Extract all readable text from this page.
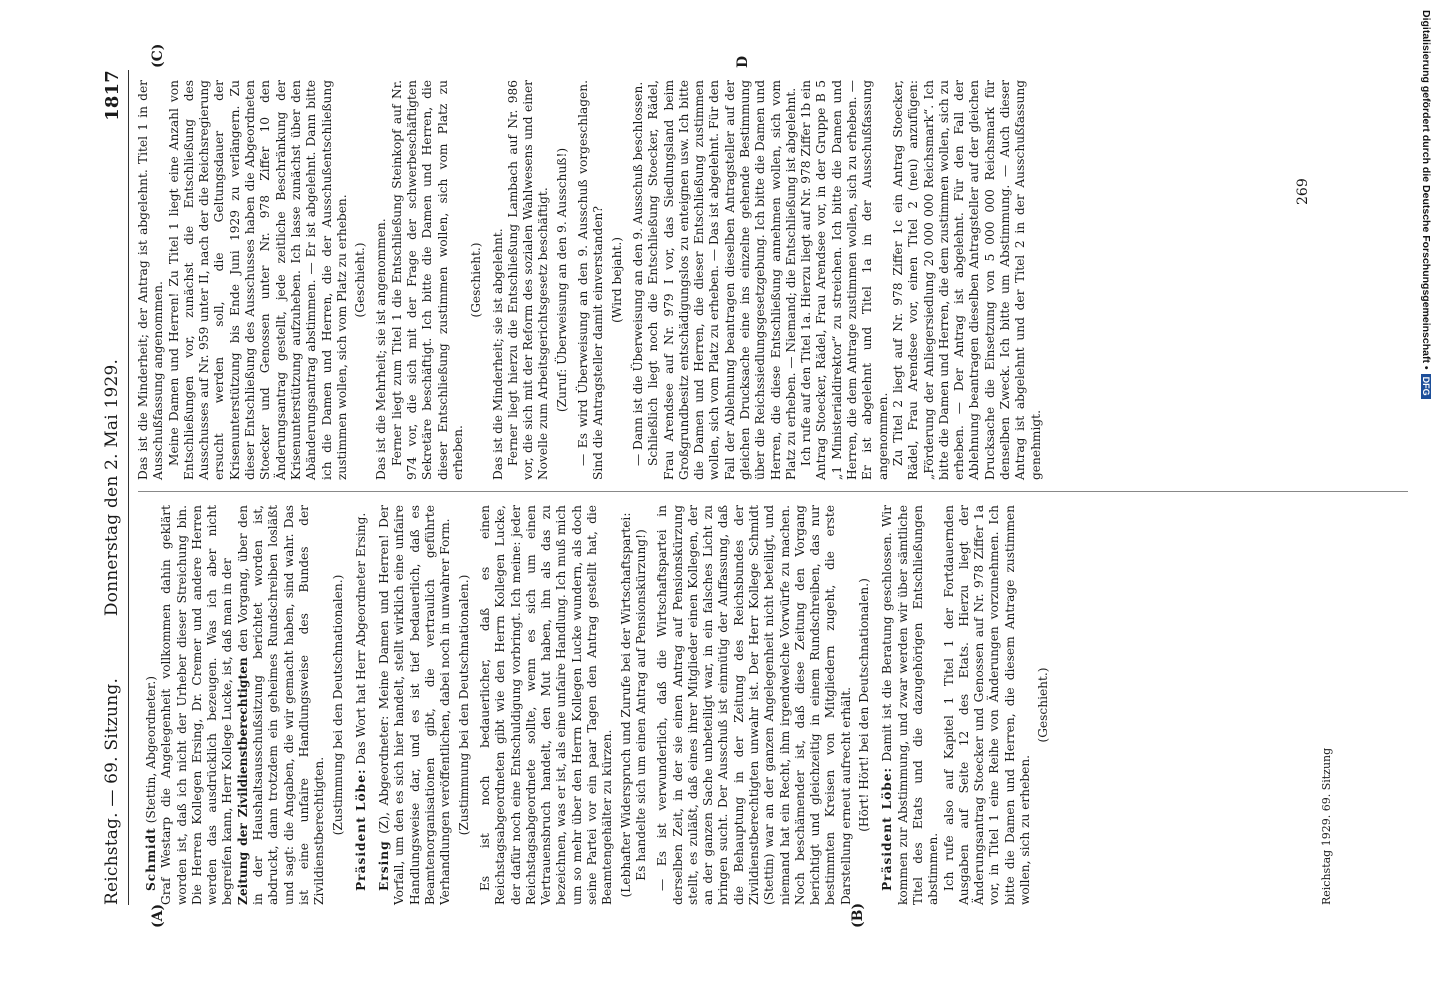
Reichstag. — 69. Sitzung.
Donnerstag den 2. Mai 1929.
1817
(A)	(B)
(C)	D

Schmidt (Stettin, Abgeordneter.) Graf Westarp die Angelegenheit vollkommen dahin geklärt worden ist, daß ich nicht der Urheber dieser Streichung bin. Die Herren Kollegen Ersing, Dr. Cremer und andere Herren werden das ausdrücklich bezeugen. Was ich aber nicht begreifen kann, Herr Kollege Lucke, ist, daß man in der Zeitung der Zivildienstberechtigten den Vorgang, über den in der Haushaltsausschußsitzung berichtet worden ist, abdruckt, dann trotzdem ein geheimes Rundschreiben losläßt und sagt: die Angaben, die wir gemacht haben, sind wahr. Das ist eine unfaire Handlungsweise des Bundes der Zivildienstberechtigten. (Zustimmung bei den Deutschnationalen.) Präsident Löbe: Das Wort hat Herr Abgeordneter Ersing.

Ersing (Z), Abgeordneter: Meine Damen und Herren! Der Vorfall, um den es sich hier handelt, stellt wirklich eine unfaire Handlungsweise dar, und es ist tief bedauerlich, daß es Beamtenorganisationen gibt, die vertraulich geführte Verhandlungen veröffentlichen, dabei noch in unwahrer Form. (Zustimmung bei den Deutschnationalen.) Es ist noch bedauerlicher, daß es einen Reichstagsabgeordneten gibt wie den Herrn Kollegen Lucke, der dafür noch eine Entschuldigung vorbringt. Ich meine: jeder Reichstagsabgeordnete sollte, wenn es sich um einen Vertrauensbruch handelt, den Mut haben, ihn als das zu bezeichnen, was er ist, als eine unfaire Handlung. Ich muß mich um so mehr über den Herrn Kollegen Lucke wundern, als doch seine Partei vor ein paar Tagen den Antrag gestellt hat, die Beamtengehälter zu kürzen. (Lebhafter Widerspruch und Zurufe bei der Wirtschaftspartei: Es handelte sich um einen Antrag auf Pensionskürzung!) — Es ist verwunderlich, daß die Wirtschaftspartei in derselben Zeit, in der sie einen Antrag auf Pensionskürzung stellt, es zuläßt, daß eines ihrer Mitglieder einen Kollegen, der an der ganzen Sache unbeteiligt war, in ein falsches Licht zu bringen sucht. Der Ausschuß ist einmütig der Auffassung, daß die Behauptung in der Zeitung des Reichsbundes der Zivildienstberechtigten unwahr ist. Der Herr Kollege Schmidt (Stettin) war an der ganzen Angelegenheit nicht beteiligt, und niemand hat ein Recht, ihm irgendwelche Vorwürfe zu machen. Noch beschämender ist, daß diese Zeitung den Vorgang berichtigt und gleichzeitig in einem Rundschreiben, das nur bestimmten Kreisen von Mitgliedern zugeht, die erste Darstellung erneut aufrecht erhält. (Hört! Hört! bei den Deutschnationalen.) Präsident Löbe: Damit ist die Beratung geschlossen. Wir kommen zur Abstimmung, und zwar werden wir über sämtliche Titel des Etats und die dazugehörigen Entschließungen abstimmen. Ich rufe also auf Kapitel 1 Titel 1 der Fortdauernden Ausgaben auf Seite 12 des Etats. Hierzu liegt der Änderungsantrag Stoecker und Genossen auf Nr. 978 Ziffer 1a vor, in Titel 1 eine Reihe von Änderungen vorzunehmen. Ich bitte die Damen und Herren, die diesem Antrage zustimmen wollen, sich zu erheben.

(Geschieht.)

Das ist die Minderheit; der Antrag ist abgelehnt. Titel 1 in der Ausschußfassung angenommen. Meine Damen und Herren! Zu Titel 1 liegt eine Anzahl von Entschließungen vor, zunächst die Entschließung des Ausschusses auf Nr. 959 unter II, nach der die Reichsregierung ersucht werden soll, die Geltungsdauer der Krisenunterstützung bis Ende Juni 1929 zu verlängern. Zu dieser Entschließung des Ausschusses haben die Abgeordneten Stoecker und Genossen unter Nr. 978 Ziffer 10 den Änderungsantrag gestellt, jede zeitliche Beschränkung der Krisenunterstützung aufzuheben. Ich lasse zunächst über den Abänderungsantrag abstimmen. — Er ist abgelehnt. Dann bitte ich die Damen und Herren, die der Ausschußentschließung zustimmen wollen, sich vom Platz zu erheben. (Geschieht.) Das ist die Mehrheit; sie ist angenommen. Ferner liegt zum Titel 1 die Entschließung Steinkopf auf Nr. 974 vor, die sich mit der Frage der schwerbeschäftigten Sekretäre beschäftigt. Ich bitte die Damen und Herren, die dieser Entschließung zustimmen wollen, sich vom Platz zu erheben.

(Geschieht.) Das ist die Minderheit; sie ist abgelehnt. Ferner liegt hierzu die Entschließung Lambach auf Nr. 986 vor, die sich mit der Reform des sozialen Wahlwesens und einer Novelle zum Arbeitsgerichtsgesetz beschäftigt. (Zuruf: Überweisung an den 9. Ausschuß!) — Es wird Überweisung an den 9. Ausschuß vorgeschlagen. Sind die Antragsteller damit einverstanden? (Wird bejaht.) — Dann ist die Überweisung an den 9. Ausschuß beschlossen. Schließlich liegt noch die Entschließung Stoecker, Rädel, Frau Arendsee auf Nr. 979 I vor, das Siedlungsland beim Großgrundbesitz entschädigungslos zu enteignen usw. Ich bitte die Damen und Herren, die dieser Entschließung zustimmen wollen, sich vom Platz zu erheben. — Das ist abgelehnt. Für den Fall der Ablehnung beantragen dieselben Antragsteller auf der gleichen Drucksache eine ins einzelne gehende Bestimmung über die Reichssiedlungsgesetzgebung. Ich bitte die Damen und Herren, die diese Entschließung annehmen wollen, sich vom Platz zu erheben. — Niemand; die Entschließung ist abgelehnt. Ich rufe auf den Titel 1a. Hierzu liegt auf Nr. 978 Ziffer 1b ein Antrag Stoecker, Rädel, Frau Arendsee vor, in der Gruppe B 5 „1 Ministerialdirektor“ zu streichen. Ich bitte die Damen und Herren, die dem Antrage zustimmen wollen, sich zu erheben. — Er ist abgelehnt und Titel 1a in der Ausschußfassung angenommen. Zu Titel 2 liegt auf Nr. 978 Ziffer 1c ein Antrag Stoecker, Rädel, Frau Arendsee vor, einen Titel 2 (neu) anzufügen: „Förderung der Anliegersiedlung 20 000 000 Reichsmark“. Ich bitte die Damen und Herren, die dem zustimmen wollen, sich zu erheben. — Der Antrag ist abgelehnt. Für den Fall der Ablehnung beantragen dieselben Antragsteller auf der gleichen Drucksache die Einsetzung von 5 000 000 Reichsmark für denselben Zweck. Ich bitte um Abstimmung. — Auch dieser Antrag ist abgelehnt und der Titel 2 in der Ausschußfassung genehmigt.

269
Reichstag 1929. 69. Sitzung
Digitalisierung gefördert durch die Deutsche Forschungsgemeinschaft •DFG
